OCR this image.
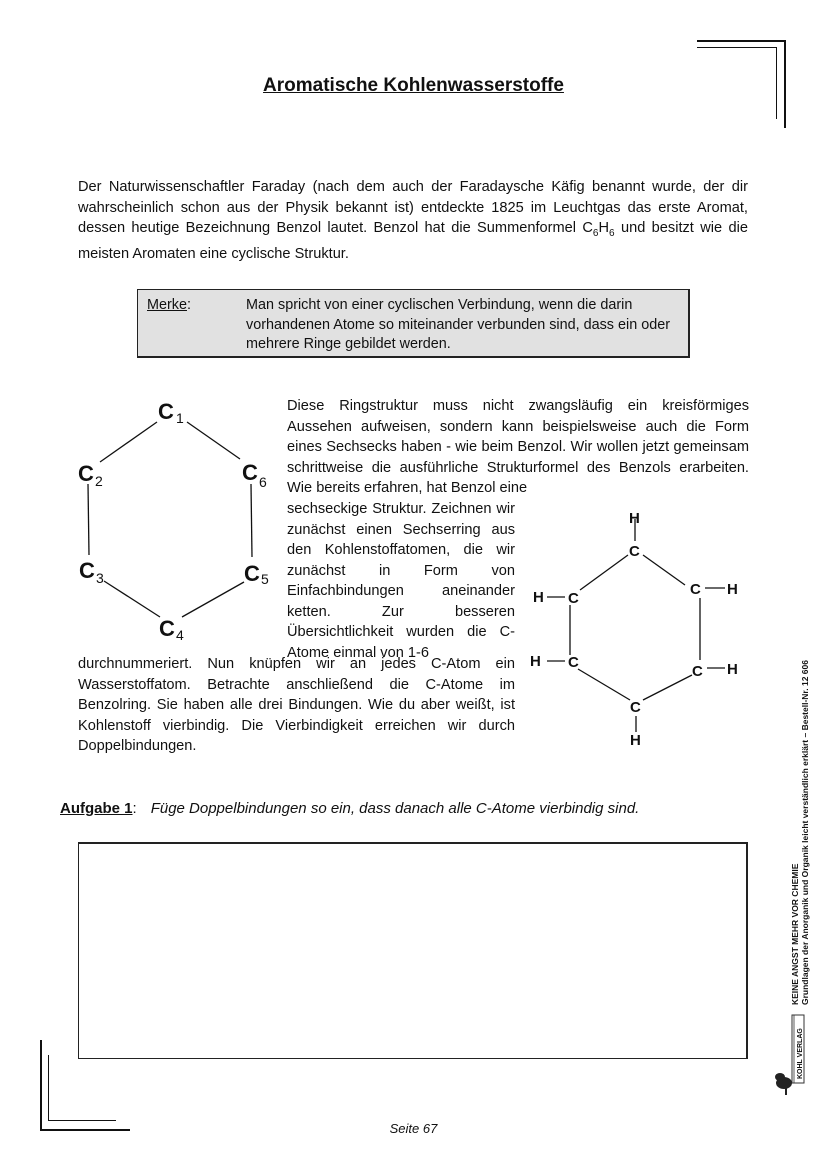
Aromatische Kohlenwasserstoffe
Der Naturwissenschaftler Faraday (nach dem auch der Faradaysche Käfig benannt wurde, der dir wahrscheinlich schon aus der Physik bekannt ist) entdeckte 1825 im Leuchtgas das erste Aromat, dessen heutige Bezeichnung Benzol lautet. Benzol hat die Summenformel $C_6H_6$ und besitzt wie die meisten Aromaten eine cyclische Struktur.
Merke:	Man spricht von einer cyclischen Verbindung, wenn die darin vorhandenen Atome so miteinander verbunden sind, dass ein oder mehrere Ringe gebildet werden.
C
C
C
C
C
C
1
2
3
4
5
6
Diese Ringstruktur muss nicht zwangsläufig ein kreisförmiges Aussehen aufweisen, sondern kann beispielsweise auch die Form eines Sechsecks haben - wie beim Benzol. Wir wollen jetzt gemeinsam schrittweise die ausführliche Strukturformel des Benzols erarbeiten. Wie bereits erfahren, hat Benzol eine
sechseckige Struktur. Zeichnen wir zunächst einen Sechserring aus den Kohlenstoffatomen, die wir zunächst in Form von Einfachbindungen aneinander ketten. Zur besseren Übersichtlichkeit wurden die C-Atome einmal von 1-6
durchnummeriert. Nun knüpfen wir an jedes C-Atom ein Wasserstoffatom. Betrachte anschließend die C-Atome im Benzolring. Sie haben alle drei Bindungen. Wie du aber weißt, ist Kohlenstoff vierbindig. Die Vierbindigkeit erreichen wir durch Doppelbindungen.
H
C
C
H	C H
C
H
C H
C
H
Aufgabe 1: Füge Doppelbindungen so ein, dass danach alle C-Atome vierbindig sind.	Grundlagen der Anorganik und Organik leicht verständlich erklärt – Bestell-Nr. 12 606
KEINE ANGST MEHR VOR CHEMIE
KOHL VERLAG
Seite 67
